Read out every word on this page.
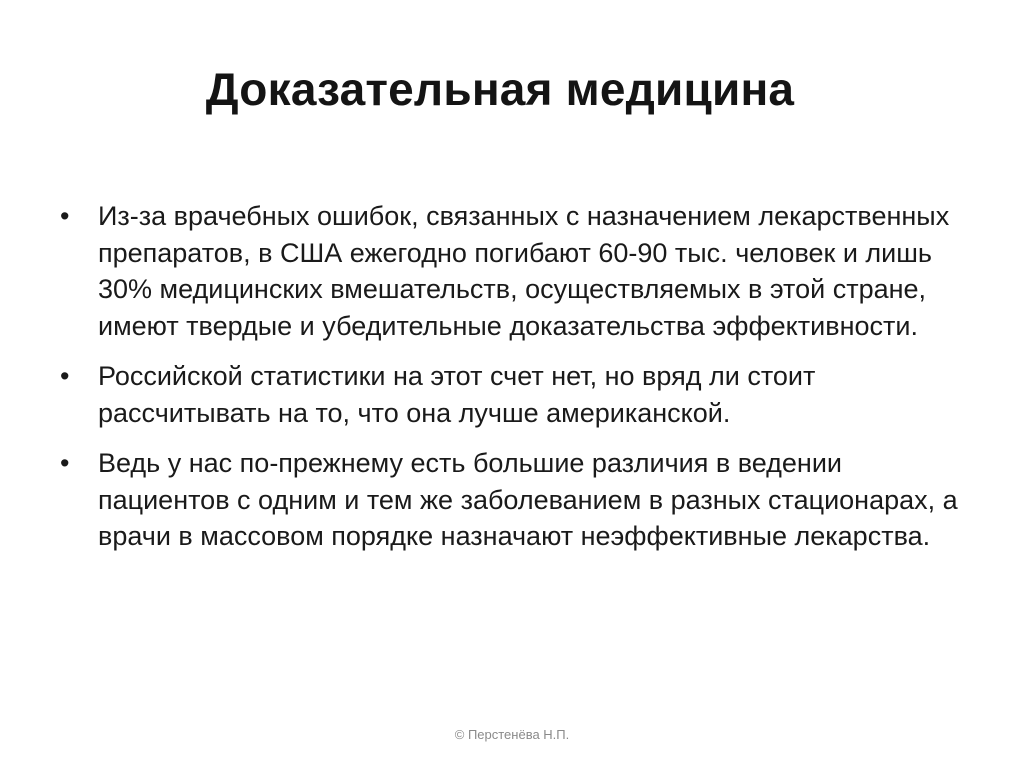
Доказательная медицина
• Из-за врачебных ошибок, связанных с назначением лекарственных препаратов, в США ежегодно погибают 60-90 тыс. человек и лишь 30% медицинских вмешательств, осуществляемых в этой стране, имеют твердые и убедительные доказательства эффективности.
• Российской статистики на этот счет нет, но вряд ли стоит рассчитывать на то, что она лучше американской.
• Ведь у нас по-прежнему есть большие различия в ведении пациентов с одним и тем же заболеванием в разных стационарах, а врачи в массовом порядке назначают неэффективные лекарства.
© Перстенёва Н.П.
